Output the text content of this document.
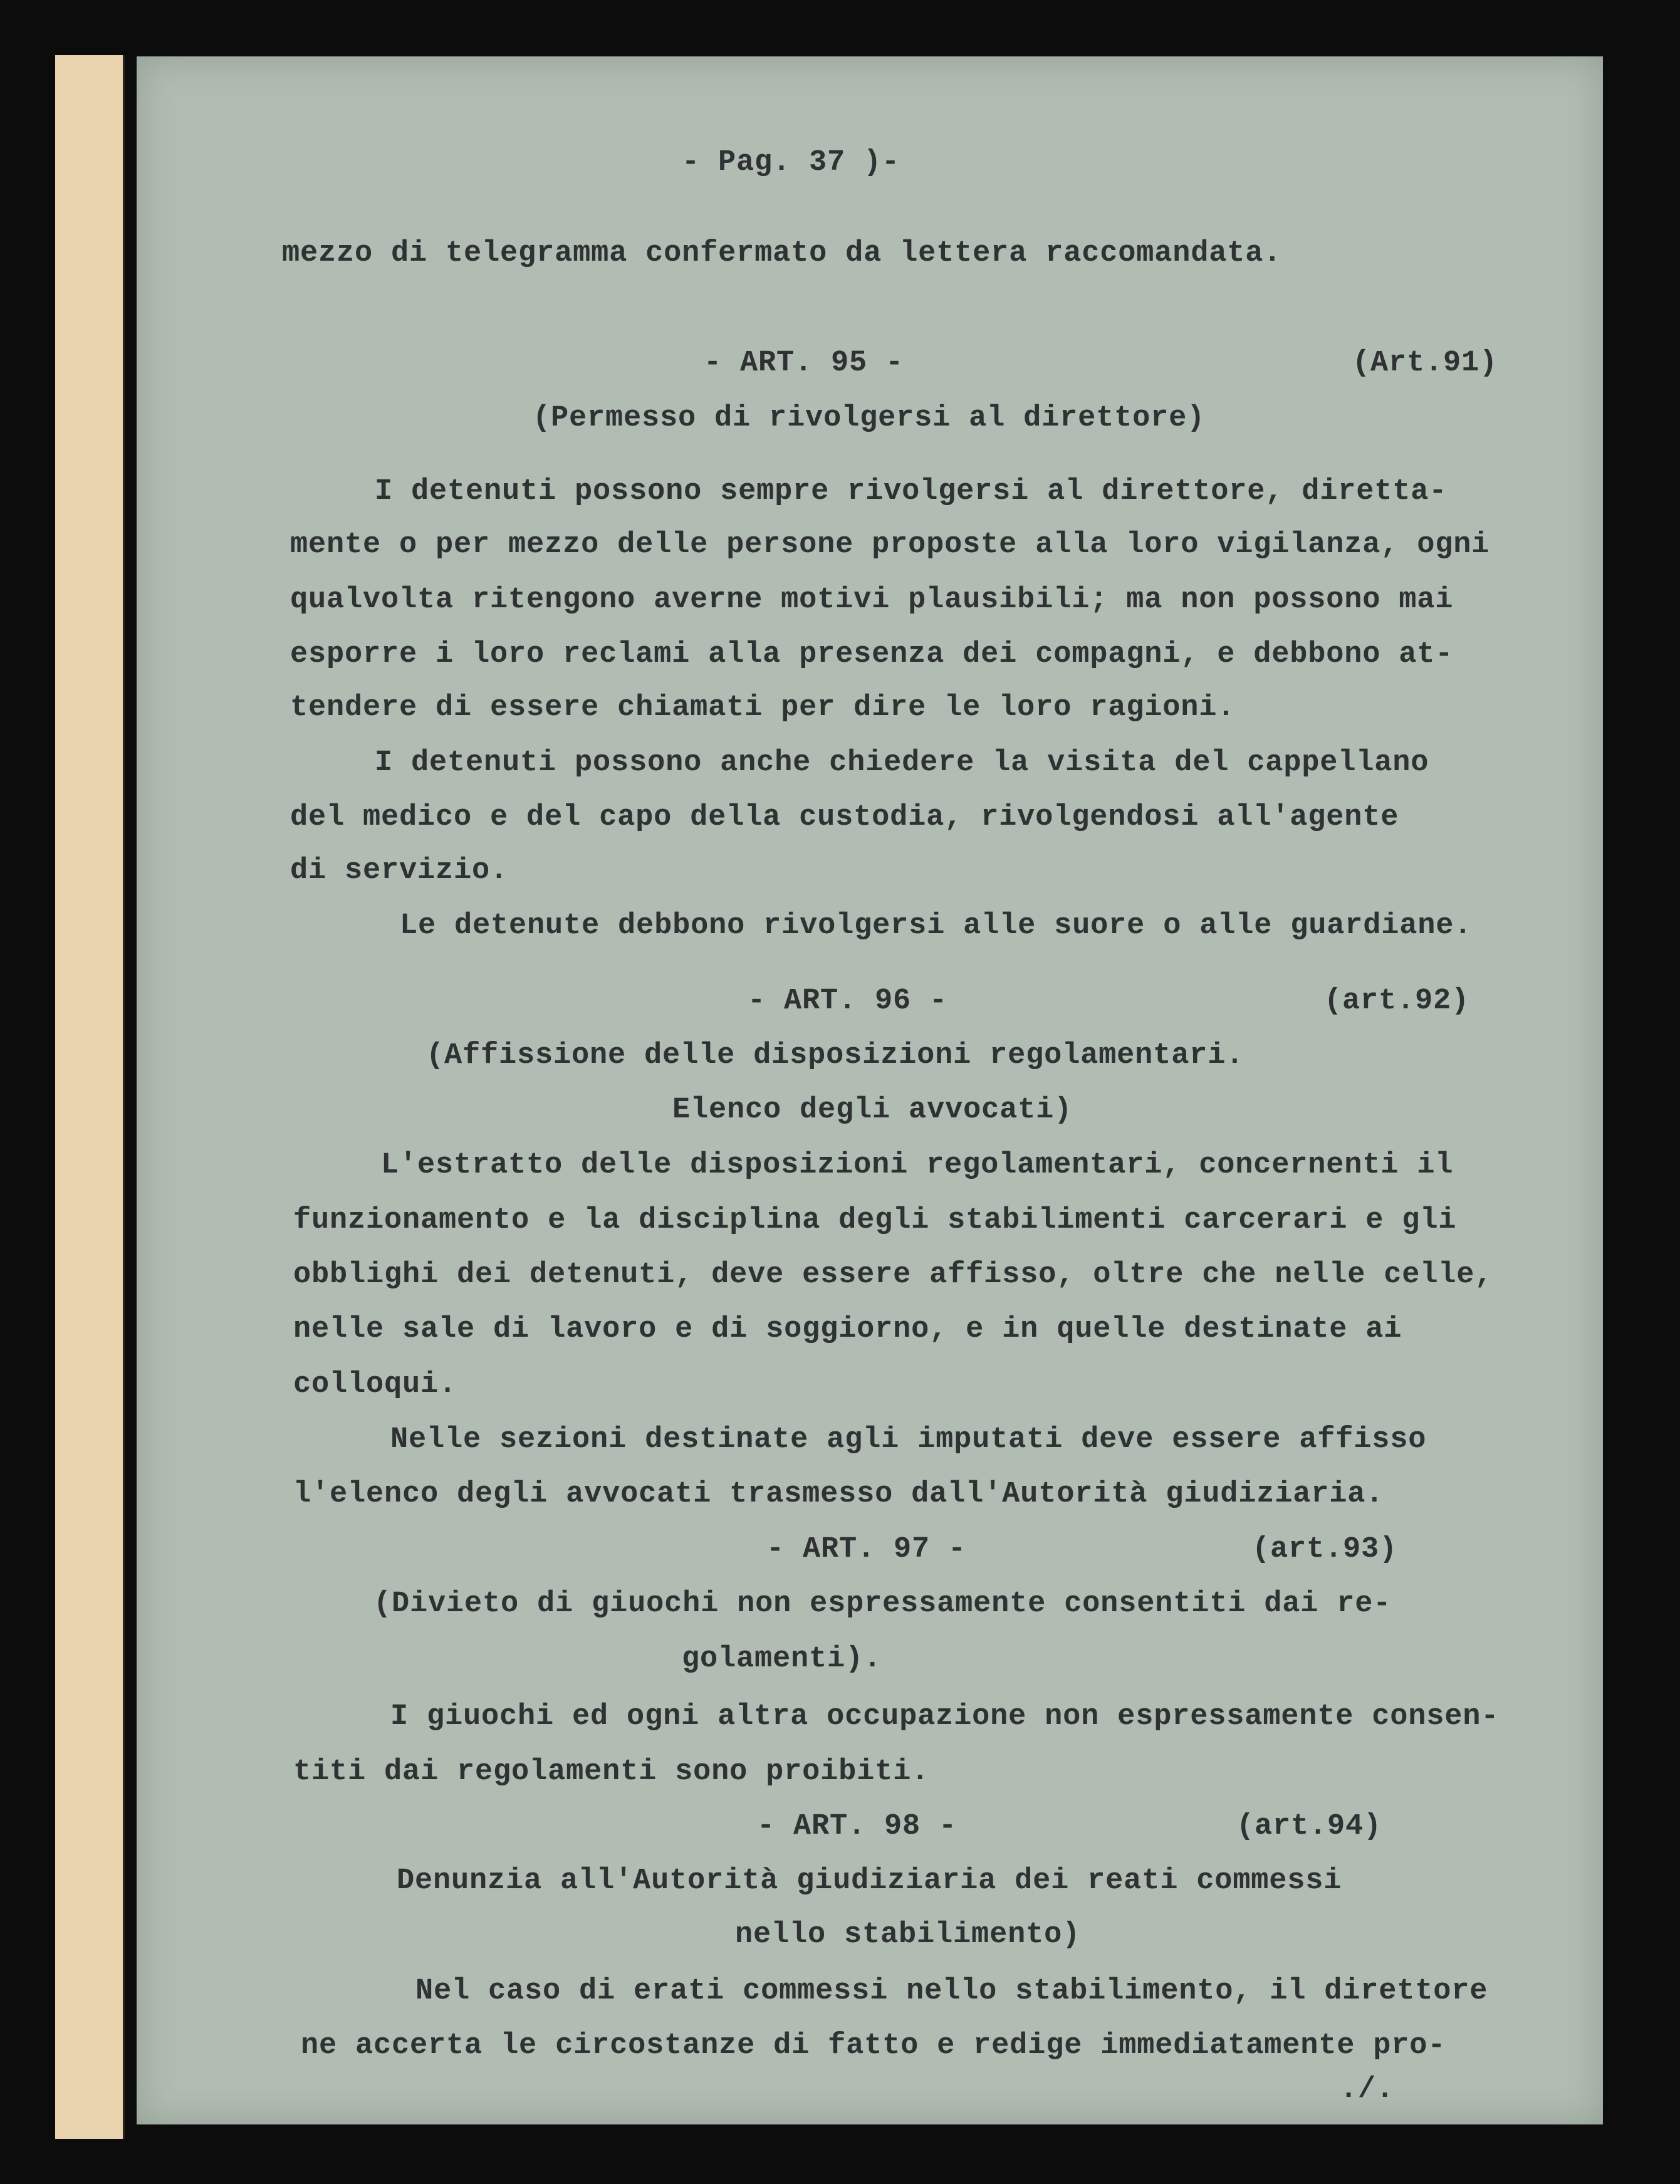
- Pag. 37 )-

mezzo di telegramma confermato da lettera raccomandata.

- ART. 95 -	(Art.91)

(Permesso di rivolgersi al direttore)

I detenuti possono sempre rivolgersi al direttore, diretta-

mente o per mezzo delle persone proposte alla loro vigilanza, ogni

qualvolta ritengono averne motivi plausibili; ma non possono mai

esporre i loro reclami alla presenza dei compagni, e debbono at-

tendere di essere chiamati per dire le loro ragioni.

I detenuti possono anche chiedere la visita del cappellano

del medico e del capo della custodia, rivolgendosi all'agente

di servizio.

Le detenute debbono rivolgersi alle suore o alle guardiane.

- ART. 96 -	(art.92)

(Affissione delle disposizioni regolamentari.

Elenco degli avvocati)

L'estratto delle disposizioni regolamentari, concernenti il

funzionamento e la disciplina degli stabilimenti carcerari e gli

obblighi dei detenuti, deve essere affisso, oltre che nelle celle,

nelle sale di lavoro e di soggiorno, e in quelle destinate ai

colloqui.

Nelle sezioni destinate agli imputati deve essere affisso

l'elenco degli avvocati trasmesso dall'Autorità giudiziaria.

- ART. 97 -	(art.93)

(Divieto di giuochi non espressamente consentiti dai re-

golamenti).

I giuochi ed ogni altra occupazione non espressamente consen-

titi dai regolamenti sono proibiti.

- ART. 98 -	(art.94)

Denunzia all'Autorità giudiziaria dei reati commessi

nello stabilimento)

Nel caso di erati commessi nello stabilimento, il direttore

ne accerta le circostanze di fatto e redige immediatamente pro-

./.
